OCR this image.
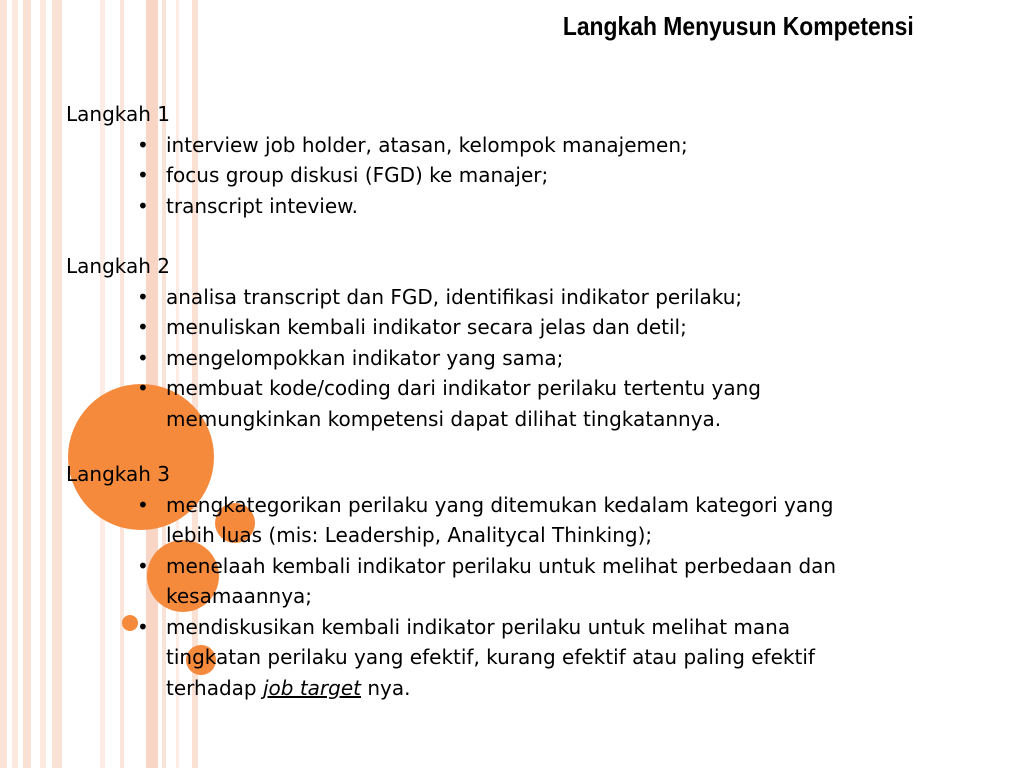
Langkah Menyusun Kompetensi

Langkah 1

• interview job holder, atasan, kelompok manajemen;
• focus group diskusi (FGD) ke manajer;
• transcript inteview.

Langkah 2

• analisa transcript dan FGD, identifikasi indikator perilaku;
• menuliskan kembali indikator secara jelas dan detil;
• mengelompokkan indikator yang sama;
• membuat kode/coding dari indikator perilaku tertentu yang
memungkinkan kompetensi dapat dilihat tingkatannya.

Langkah 3

• mengkategorikan perilaku yang ditemukan kedalam kategori yang
lebih luas (mis: Leadership, Analitycal Thinking);
• menelaah kembali indikator perilaku untuk melihat perbedaan dan
kesamaannya;
• mendiskusikan kembali indikator perilaku untuk melihat mana
tingkatan perilaku yang efektif, kurang efektif atau paling efektif
terhadap job target nya.
